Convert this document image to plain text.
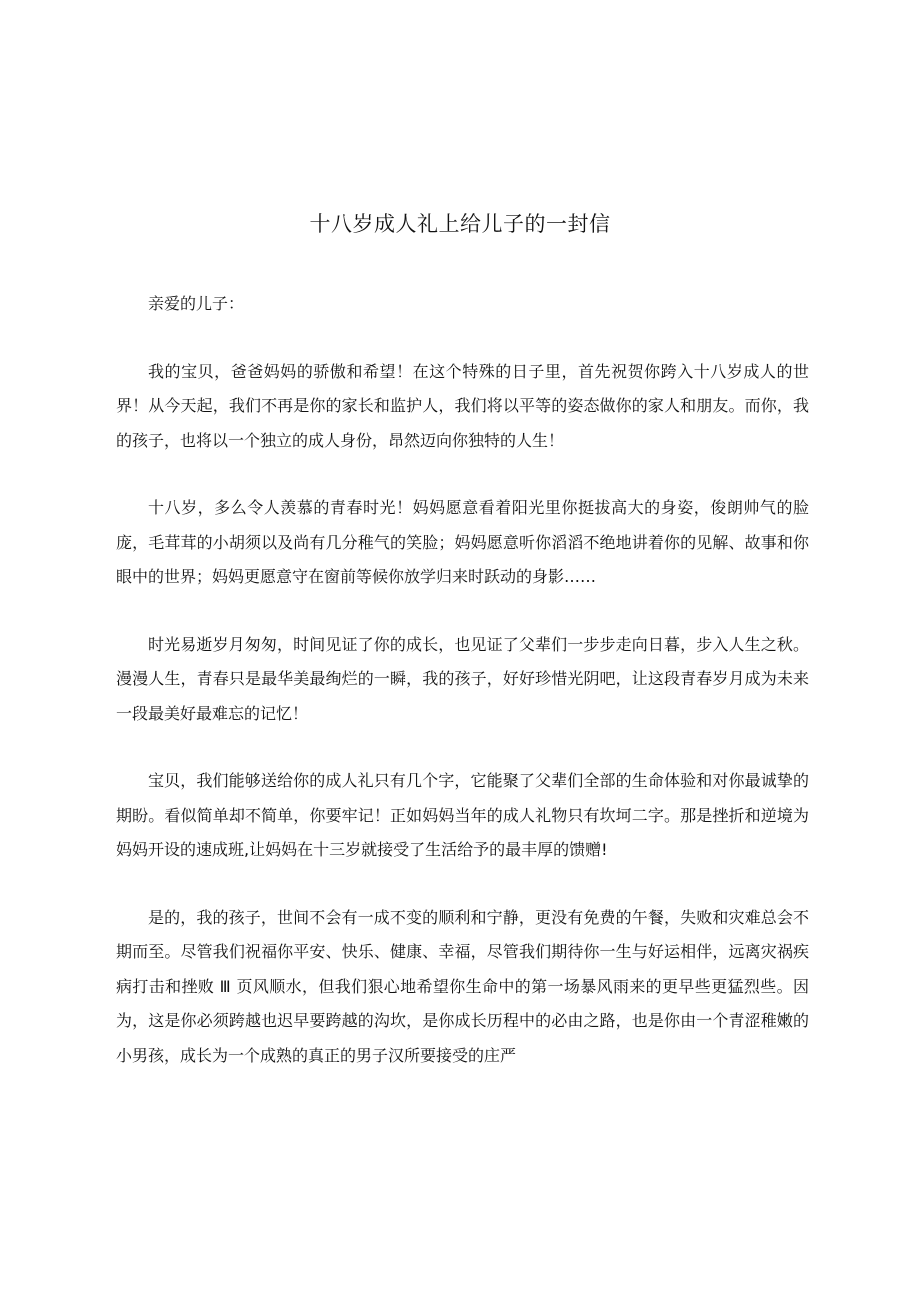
十八岁成人礼上给儿子的一封信

亲爱的儿子：

我的宝贝，爸爸妈妈的骄傲和希望！在这个特殊的日子里，首先祝贺你跨入十八岁成人的世界！从今天起，我们不再是你的家长和监护人，我们将以平等的姿态做你的家人和朋友。而你，我的孩子，也将以一个独立的成人身份，昂然迈向你独特的人生！

十八岁，多么令人羡慕的青春时光！妈妈愿意看着阳光里你挺拔高大的身姿，俊朗帅气的脸庞，毛茸茸的小胡须以及尚有几分稚气的笑脸；妈妈愿意听你滔滔不绝地讲着你的见解、故事和你眼中的世界；妈妈更愿意守在窗前等候你放学归来时跃动的身影……

时光易逝岁月匆匆，时间见证了你的成长，也见证了父辈们一步步走向日暮，步入人生之秋。漫漫人生，青春只是最华美最绚烂的一瞬，我的孩子，好好珍惜光阴吧，让这段青春岁月成为未来一段最美好最难忘的记忆！

宝贝，我们能够送给你的成人礼只有几个字，它能聚了父辈们全部的生命体验和对你最诚挚的期盼。看似简单却不简单，你要牢记！正如妈妈当年的成人礼物只有坎坷二字。那是挫折和逆境为妈妈开设的速成班,让妈妈在十三岁就接受了生活给予的最丰厚的馈赠!

是的，我的孩子，世间不会有一成不变的顺利和宁静，更没有免费的午餐，失败和灾难总会不期而至。尽管我们祝福你平安、快乐、健康、幸福，尽管我们期待你一生与好运相伴，远离灾祸疾病打击和挫败 Ⅲ 页风顺水，但我们狠心地希望你生命中的第一场暴风雨来的更早些更猛烈些。因为，这是你必须跨越也迟早要跨越的沟坎，是你成长历程中的必由之路，也是你由一个青涩稚嫩的小男孩，成长为一个成熟的真正的男子汉所要接受的庄严
